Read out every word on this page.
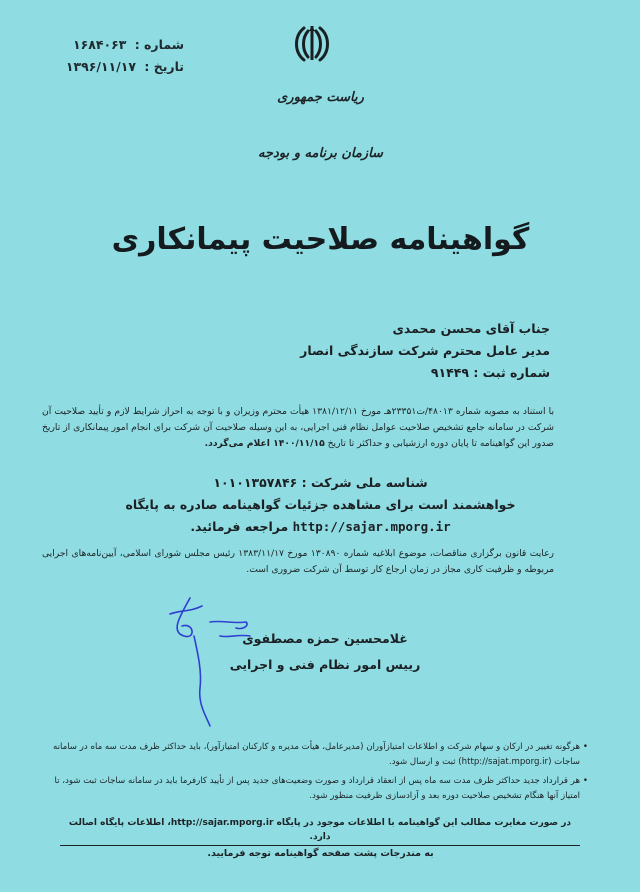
شماره : ۱۶۸۴۰۶۳
تاریخ : ۱۳۹۶/۱۱/۱۷
ریاست جمهوری
سازمان برنامه و بودجه
گواهینامه صلاحیت پیمانکاری
جناب آقای محسن محمدی
مدیر عامل محترم شرکت سازندگی انصار
شماره ثبت : ۹۱۴۴۹
با استناد به مصوبه شماره ۴۸۰۱۳/ت۲۳۳۵۱هـ مورخ ۱۳۸۱/۱۲/۱۱ هیأت محترم وزیران و با توجه به احراز شرایط لازم و تأیید صلاحیت آن شرکت در سامانه جامع تشخیص صلاحیت عوامل نظام فنی اجرایی، به این وسیله صلاحیت آن شرکت برای انجام امور پیمانکاری از تاریخ صدور این گواهینامه تا پایان دوره ارزشیابی و حداکثر تا تاریخ ۱۴۰۰/۱۱/۱۵ اعلام می‌گردد.
شناسه ملی شرکت : ۱۰۱۰۱۳۵۷۸۴۶
خواهشمند است برای مشاهده جزئیات گواهینامه صادره به پایگاه
http://sajar.mporg.ir مراجعه فرمائید.
رعایت قانون برگزاری مناقصات، موضوع ابلاغیه شماره ۱۳۰۸۹۰ مورخ ۱۳۸۳/۱۱/۱۷ رئیس مجلس شورای اسلامی، آیین‌نامه‌های اجرایی مربوطه و ظرفیت کاری مجاز در زمان ارجاع کار توسط آن شرکت ضروری است.
غلامحسین حمزه مصطفوی
رییس امور نظام فنی و اجرایی
•
هرگونه تغییر در ارکان و سهام شرکت و اطلاعات امتیازآوران (مدیرعامل، هیأت مدیره و کارکنان امتیازآور)، باید حداکثر ظرف مدت سه ماه در سامانه ساجات (http://sajat.mporg.ir) ثبت و ارسال شود.
•
هر قرارداد جدید حداکثر ظرف مدت سه ماه پس از انعقاد قرارداد و صورت وضعیت‌های جدید پس از تأیید کارفرما باید در سامانه ساجات ثبت شود، تا امتیاز آنها هنگام تشخیص صلاحیت دوره بعد و آزادسازی ظرفیت منظور شود.
در صورت مغایرت مطالب این گواهینامه با اطلاعات موجود در پایگاه http://sajar.mporg.ir، اطلاعات پایگاه اصالت دارد.
به مندرجات پشت صفحه گواهینامه توجه فرمایید.
